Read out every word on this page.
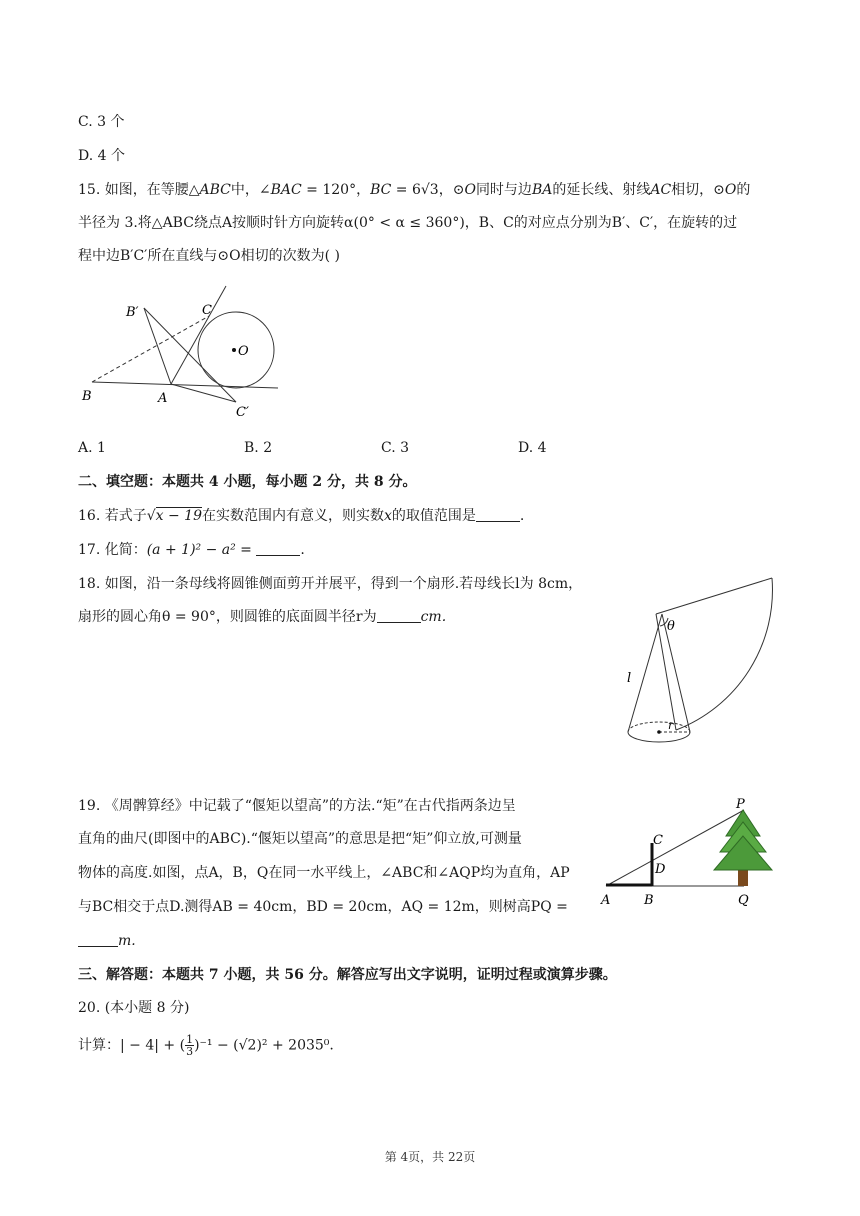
C. 3 个
D. 4 个
15. 如图，在等腰△ABC中，∠BAC = 120°，BC = 6√3，⊙O同时与边BA的延长线、射线AC相切，⊙O的
半径为 3.将△ABC绕点A按顺时针方向旋转α(0° < α ≤ 360°)，B、C的对应点分别为B′、C′，在旋转的过
程中边B′C′所在直线与⊙O相切的次数为( )
B′	C
O
B	A
C′
A. 1	B. 2	C. 3	D. 4
二、填空题：本题共 4 小题，每小题 2 分，共 8 分。
16. 若式子√x − 19在实数范围内有意义，则实数x的取值范围是	.
17. 化简：(a + 1)² − a² =	.
18. 如图，沿一条母线将圆锥侧面剪开并展平，得到一个扇形.若母线长l为 8cm，
扇形的圆心角θ = 90°，则圆锥的底面圆半径r为	cm.
θ
l
r
19. 《周髀算经》中记载了“偃矩以望高”的方法.“矩”在古代指两条边呈
直角的曲尺(即图中的ABC).“偃矩以望高”的意思是把“矩”仰立放,可测量
物体的高度.如图，点A，B，Q在同一水平线上，∠ABC和∠AQP均为直角，AP
与BC相交于点D.测得AB = 40cm，BD = 20cm，AQ = 12m，则树高PQ =
m.
P
C
D
A	B	Q
三、解答题：本题共 7 小题，共 56 分。解答应写出文字说明，证明过程或演算步骤。
20. (本小题 8 分)
计算：| − 4| + ( $\frac{1}{3} )^{-1} - (√2)^2 + 2035^0$.
第 4页，共 22页
